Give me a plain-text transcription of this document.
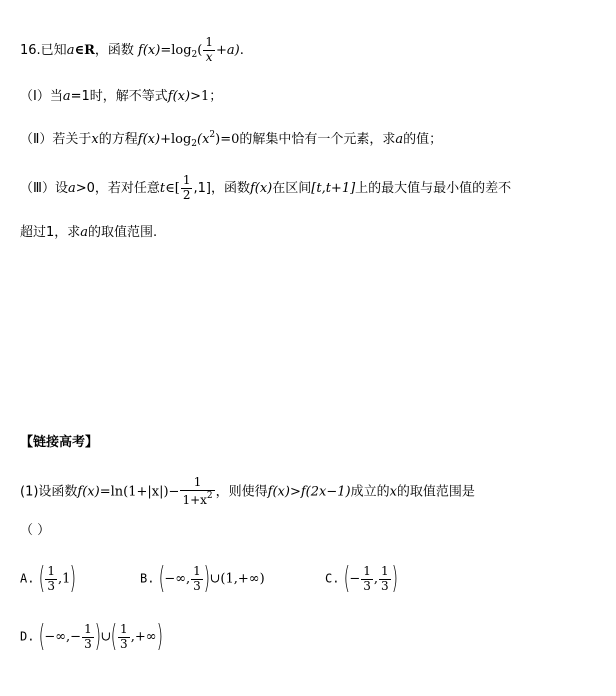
16.已知a∈R，函数 $f(x)=\log_2( \frac{1}{x} +a)$.
（Ⅰ）当a=1时，解不等式f(x)>1；
（Ⅱ）若关于x的方程$f(x)+\log_2(x^2)=0$的解集中恰有一个元素，求a的值；
（Ⅲ）设a>0，若对任意t∈[ $\frac{1}{2} ,1$]，函数f(x)在区间[t,t+1]上的最大值与最小值的差不
超过1，求a的取值范围.
【链接高考】
(1)设函数$f(x)=\ln(1+|x|)- \frac{1}{1+x^2}$ ，则使得f(x)>f(2x−1)成立的x的取值范围是
（ ）
A. ( $\frac{1}{3} ,1$)	B. (−∞, $\frac{1}{3}$ )∪(1,+∞)	C. (− $\frac{1}{3}$ , $\frac{1}{3}$ )
D. (−∞,− $\frac{1}{3}$ )∪( $\frac{1}{3}$ ,+∞)
